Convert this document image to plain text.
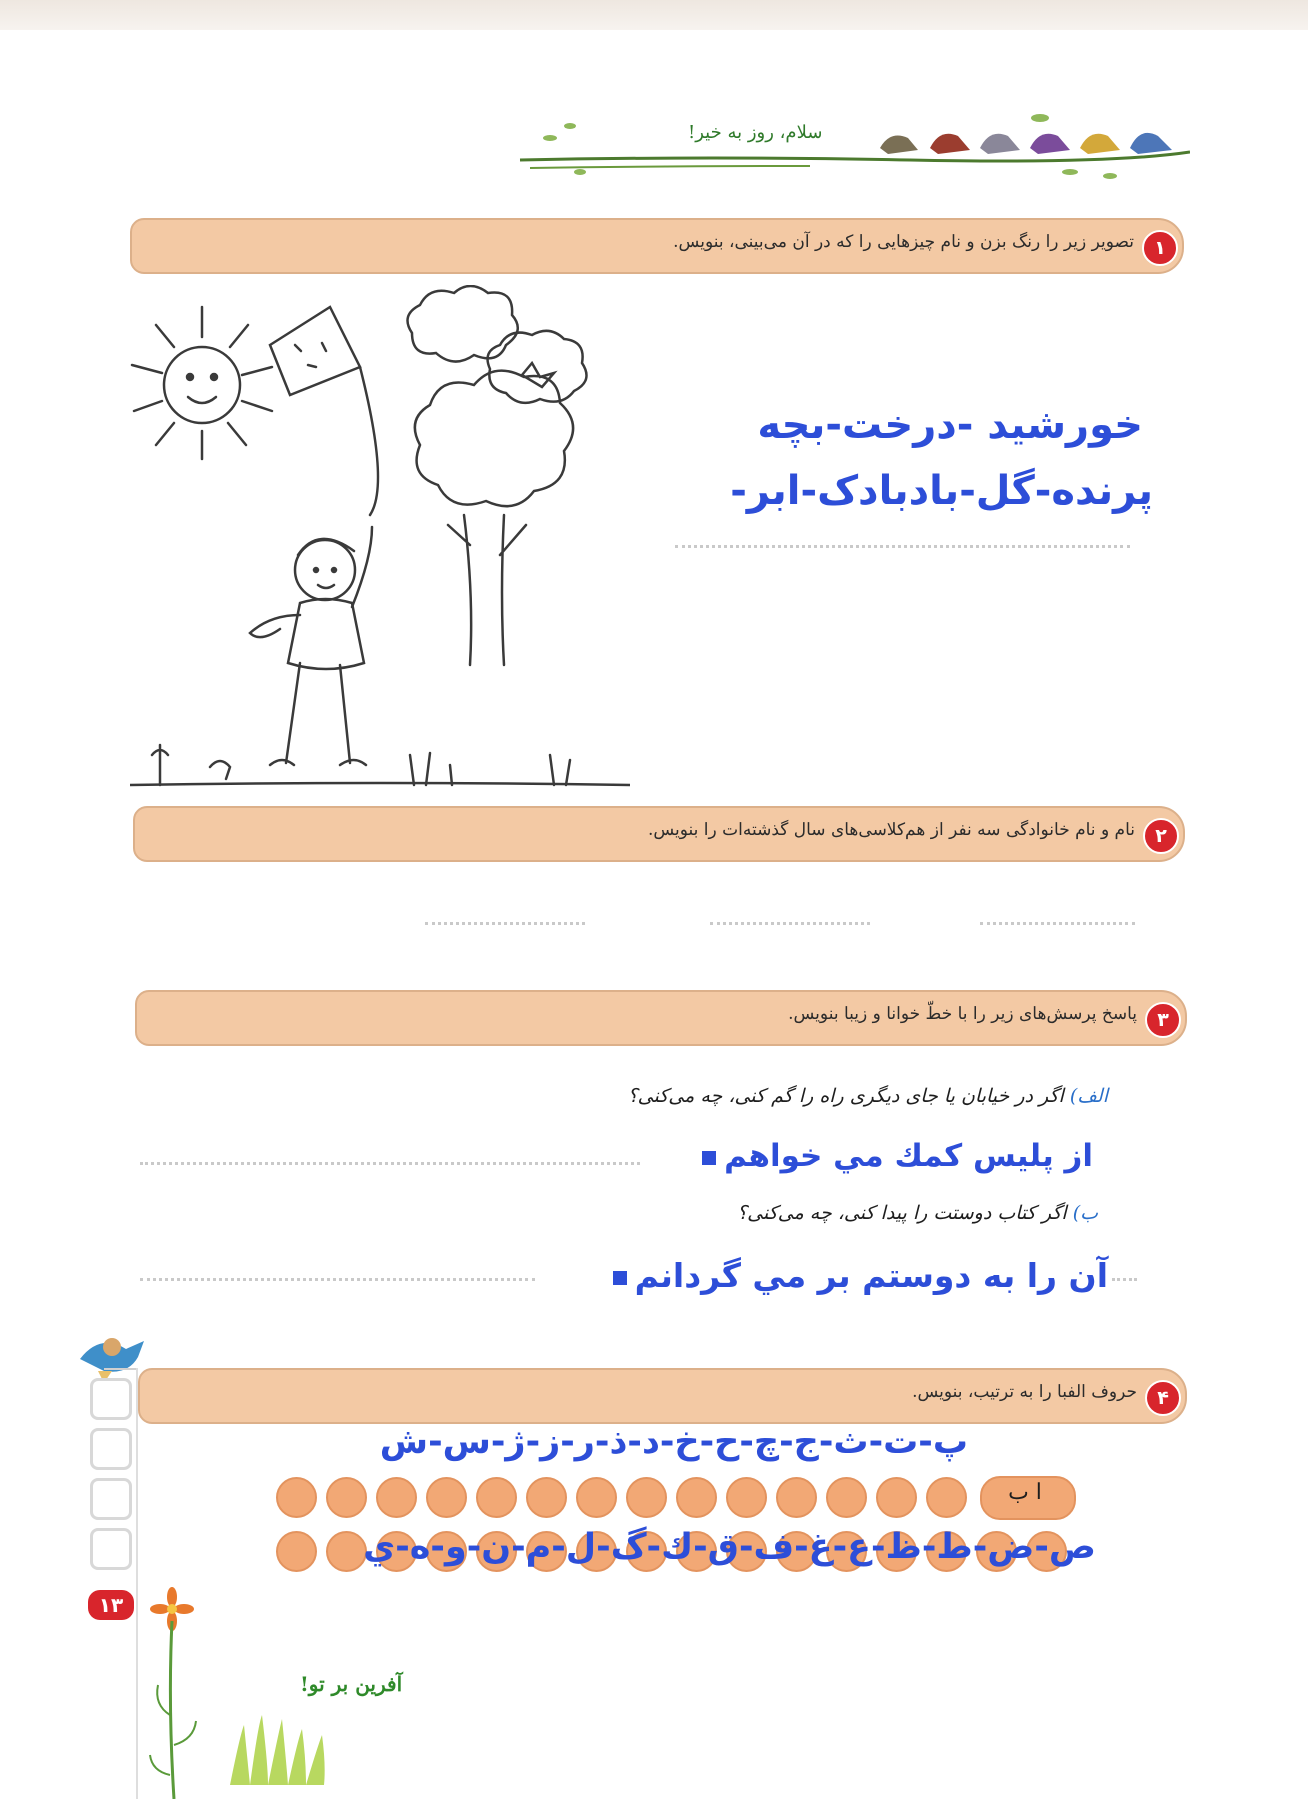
سلام، روز به خیر!
تصویر زیر را رنگ بزن و نام چیزهایی را که در آن می‌بینی، بنویس.	۱
خورشید -درخت-بچه
پرنده-گل-بادبادک-ابر-
نام و نام خانوادگی سه نفر از هم‌کلاسی‌های سال گذشته‌ات را بنویس.	۲
پاسخ پرسش‌های زیر را با خطّ خوانا و زیبا بنویس.	۳
الف) اگر در خیابان یا جای دیگری راه را گم کنی، چه می‌کنی؟
از پلیس کمك مي خواهم
ب) اگر کتاب دوستت را پیدا کنی، چه می‌کنی؟
آن را به دوستم بر مي گردانم
حروف الفبا را به ترتیب، بنویس.	۴
ا ب
پ-ت-ث-ج-چ-ح-خ-د-ذ-ر-ز-ژ-س-ش
ص-ض-ط-ظ-ع-غ-ف-ق-ك-گ-ل-م-ن-و-ه-ي
۱۳
آفرین بر تو!
